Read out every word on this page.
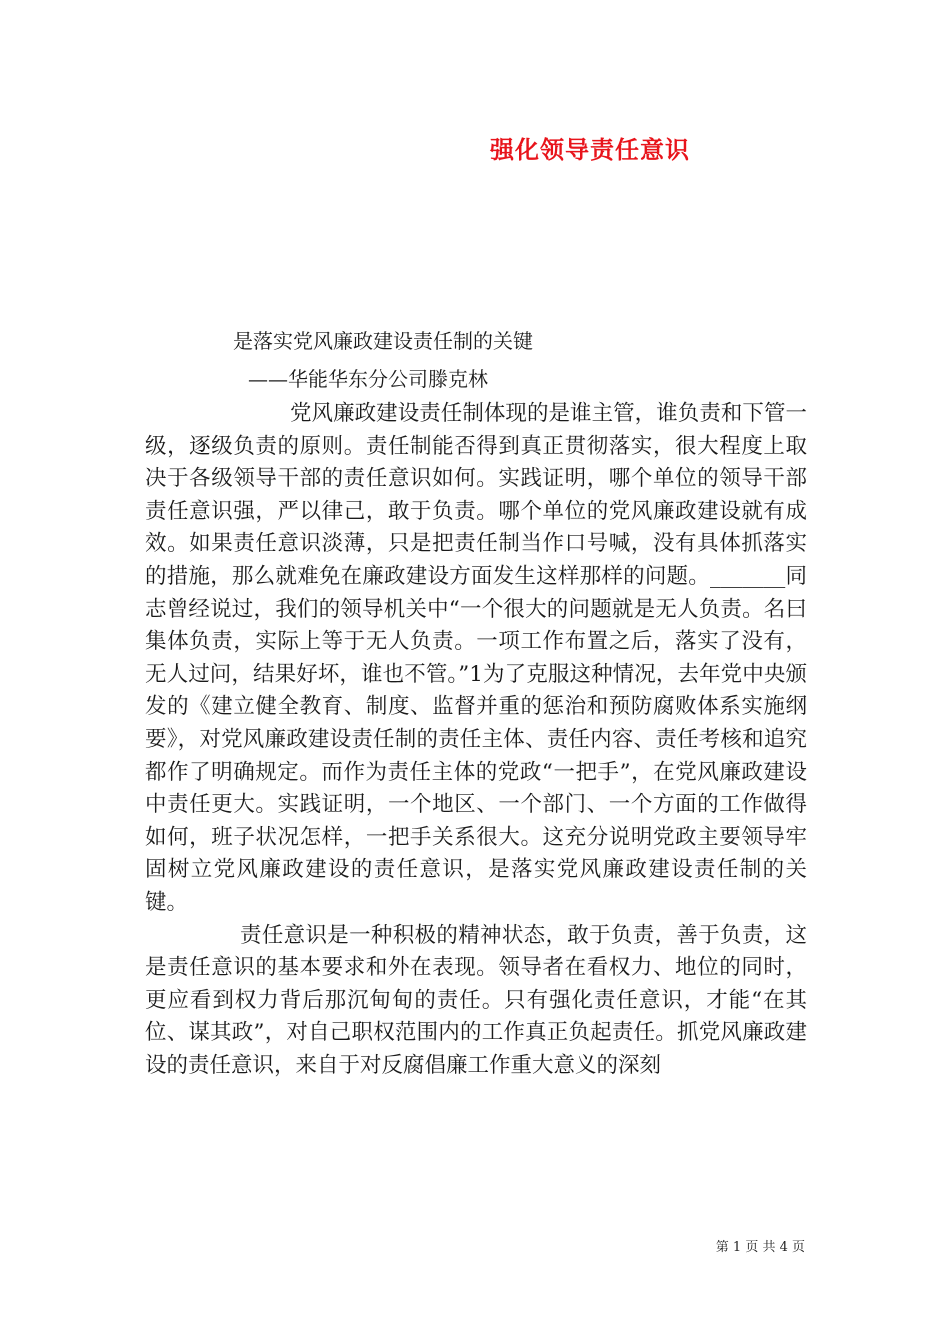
强化领导责任意识
是落实党风廉政建设责任制的关键
——华能华东分公司滕克林

党风廉政建设责任制体现的是谁主管，谁负责和下管一级，逐级负责的原则。责任制能否得到真正贯彻落实，很大程度上取决于各级领导干部的责任意识如何。实践证明，哪个单位的领导干部责任意识强，严以律己，敢于负责。哪个单位的党风廉政建设就有成效。如果责任意识淡薄，只是把责任制当作口号喊，没有具体抓落实的措施，那么就难免在廉政建设方面发生这样那样的问题。_______同志曾经说过，我们的领导机关中“一个很大的问题就是无人负责。名曰集体负责，实际上等于无人负责。一项工作布置之后，落实了没有，无人过问，结果好坏，谁也不管。”1为了克服这种情况，去年党中央颁发的《建立健全教育、制度、监督并重的惩治和预防腐败体系实施纲要》，对党风廉政建设责任制的责任主体、责任内容、责任考核和追究都作了明确规定。而作为责任主体的党政“一把手”，在党风廉政建设中责任更大。实践证明，一个地区、一个部门、一个方面的工作做得如何，班子状况怎样，一把手关系很大。这充分说明党政主要领导牢固树立党风廉政建设的责任意识，是落实党风廉政建设责任制的关键。

责任意识是一种积极的精神状态，敢于负责，善于负责，这是责任意识的基本要求和外在表现。领导者在看权力、地位的同时，更应看到权力背后那沉甸甸的责任。只有强化责任意识，才能“在其位、谋其政”，对自己职权范围内的工作真正负起责任。抓党风廉政建设的责任意识，来自于对反腐倡廉工作重大意义的深刻

第 1 页 共 4 页
